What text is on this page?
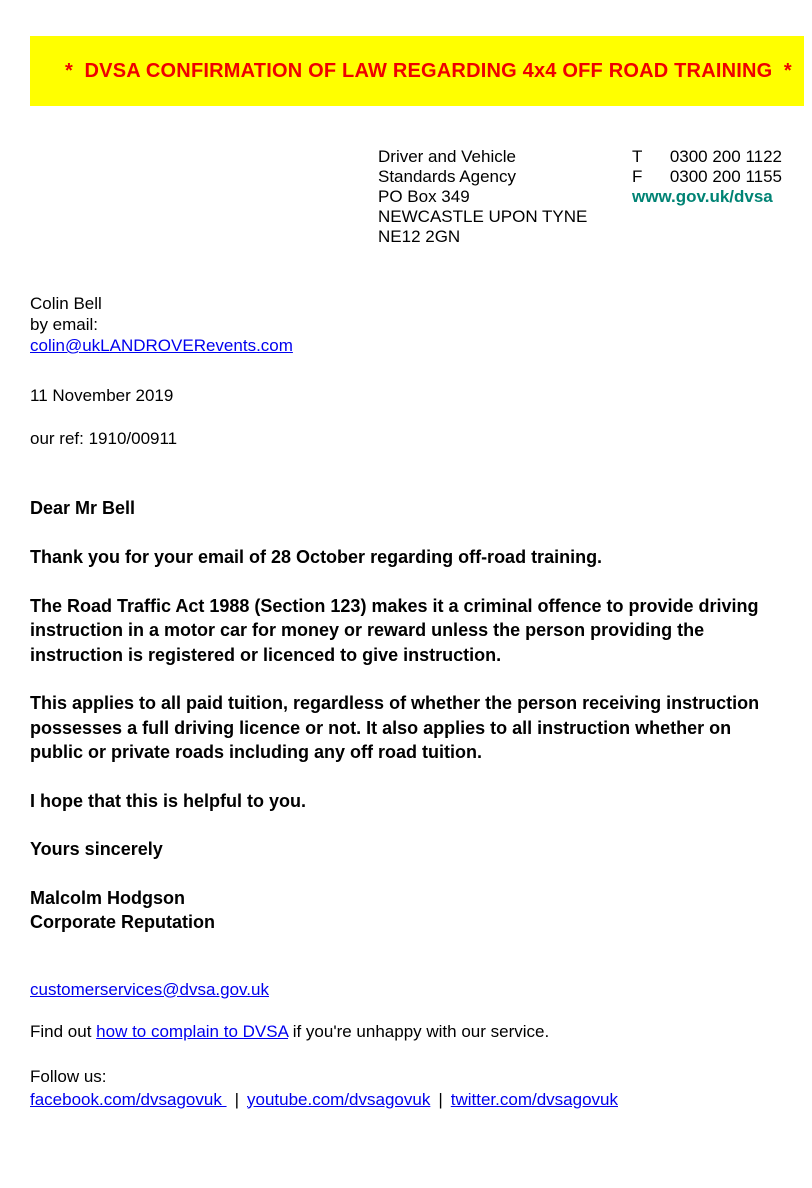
*  DVSA CONFIRMATION OF LAW REGARDING 4x4 OFF ROAD TRAINING  *

Driver and Vehicle
Standards Agency
PO Box 349
NEWCASTLE UPON TYNE
NE12 2GN
T 0300 200 1122
F 0300 200 1155
www.gov.uk/dvsa
Colin Bell
by email:
colin@ukLANDROVERevents.com
11 November 2019
our ref: 1910/00911
Dear Mr Bell

Thank you for your email of 28 October regarding off-road training.

The Road Traffic Act 1988 (Section 123) makes it a criminal offence to provide driving instruction in a motor car for money or reward unless the person providing the instruction is registered or licenced to give instruction.

This applies to all paid tuition, regardless of whether the person receiving instruction possesses a full driving licence or not. It also applies to all instruction whether on public or private roads including any off road tuition.

I hope that this is helpful to you.

Yours sincerely

Malcolm Hodgson
Corporate Reputation
customerservices@dvsa.gov.uk
Find out how to complain to DVSA if you're unhappy with our service.
Follow us:
facebook.com/dvsagovuk | youtube.com/dvsagovuk | twitter.com/dvsagovuk
